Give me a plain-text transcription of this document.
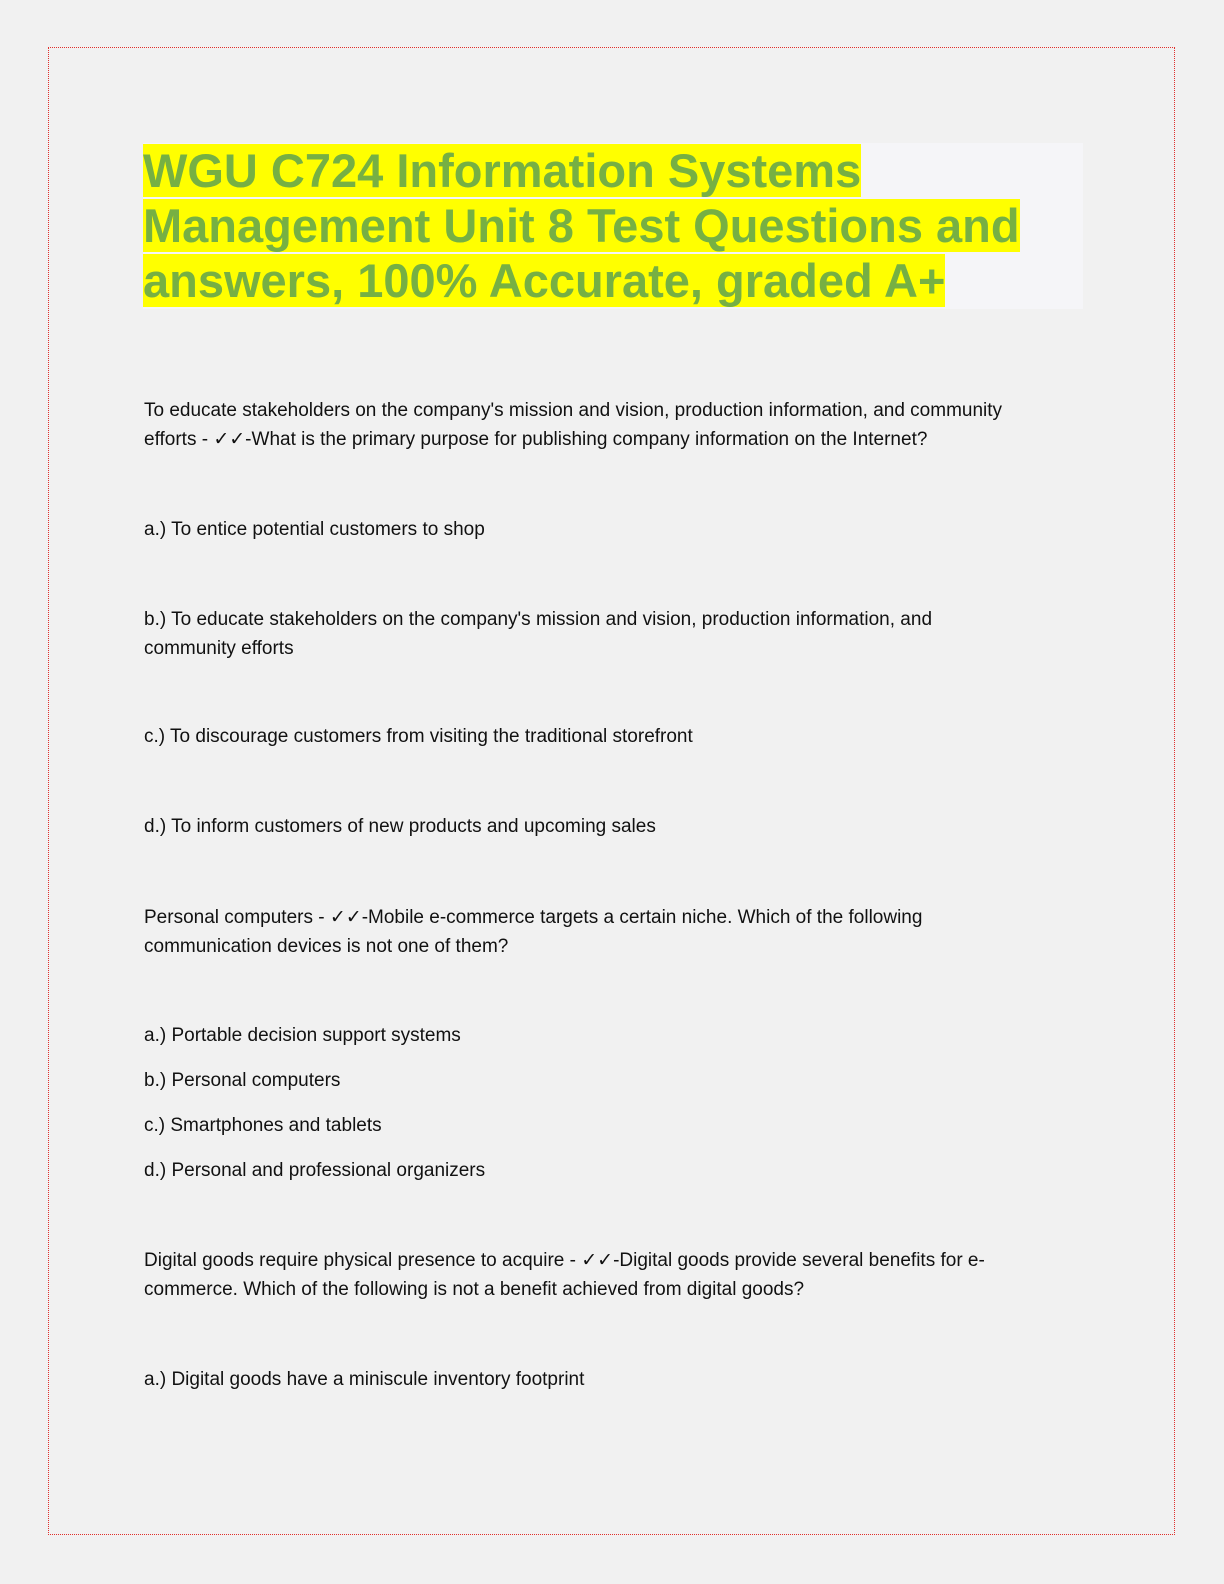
WGU C724 Information Systems
Management Unit 8 Test Questions and
answers, 100% Accurate, graded A+

To educate stakeholders on the company's mission and vision, production information, and community
efforts - ✓✓-What is the primary purpose for publishing company information on the Internet?

a.) To entice potential customers to shop

b.) To educate stakeholders on the company's mission and vision, production information, and
community efforts

c.) To discourage customers from visiting the traditional storefront

d.) To inform customers of new products and upcoming sales

Personal computers - ✓✓-Mobile e-commerce targets a certain niche. Which of the following
communication devices is not one of them?

a.) Portable decision support systems

b.) Personal computers

c.) Smartphones and tablets

d.) Personal and professional organizers

Digital goods require physical presence to acquire - ✓✓-Digital goods provide several benefits for e-
commerce. Which of the following is not a benefit achieved from digital goods?

a.) Digital goods have a miniscule inventory footprint
